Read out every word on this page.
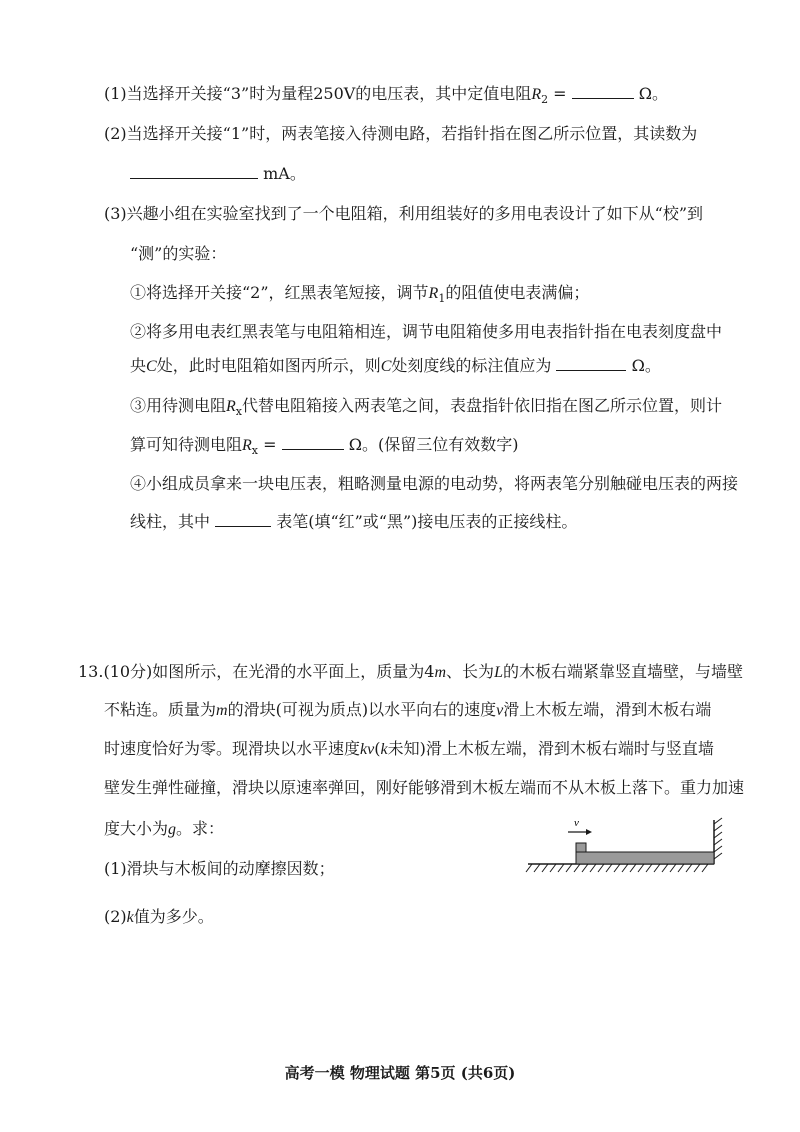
(1)当选择开关接“3”时为量程250V的电压表，其中定值电阻$R_2$ =	Ω。
(2)当选择开关接“1”时，两表笔接入待测电路，若指针指在图乙所示位置，其读数为
mA。
(3)兴趣小组在实验室找到了一个电阻箱，利用组装好的多用电表设计了如下从“校”到
“测”的实验：
①将选择开关接“2”，红黑表笔短接，调节$R_1$的阻值使电表满偏；
②将多用电表红黑表笔与电阻箱相连，调节电阻箱使多用电表指针指在电表刻度盘中
央C处，此时电阻箱如图丙所示，则C处刻度线的标注值应为	Ω。
③用待测电阻$R_x$代替电阻箱接入两表笔之间，表盘指针依旧指在图乙所示位置，则计
算可知待测电阻$R_x$ =	Ω。(保留三位有效数字)
④小组成员拿来一块电压表，粗略测量电源的电动势，将两表笔分别触碰电压表的两接
线柱，其中	表笔(填“红”或“黑”)接电压表的正接线柱。
13.(10分)如图所示，在光滑的水平面上，质量为4m、长为L的木板右端紧靠竖直墙壁，与墙壁
不粘连。质量为m的滑块(可视为质点)以水平向右的速度v滑上木板左端，滑到木板右端
时速度恰好为零。现滑块以水平速度kv(k未知)滑上木板左端，滑到木板右端时与竖直墙
壁发生弹性碰撞，滑块以原速率弹回，刚好能够滑到木板左端而不从木板上落下。重力加速
度大小为g。求：
(1)滑块与木板间的动摩擦因数；
(2)k值为多少。
v
高考一模 物理试题 第5页 (共6页)
